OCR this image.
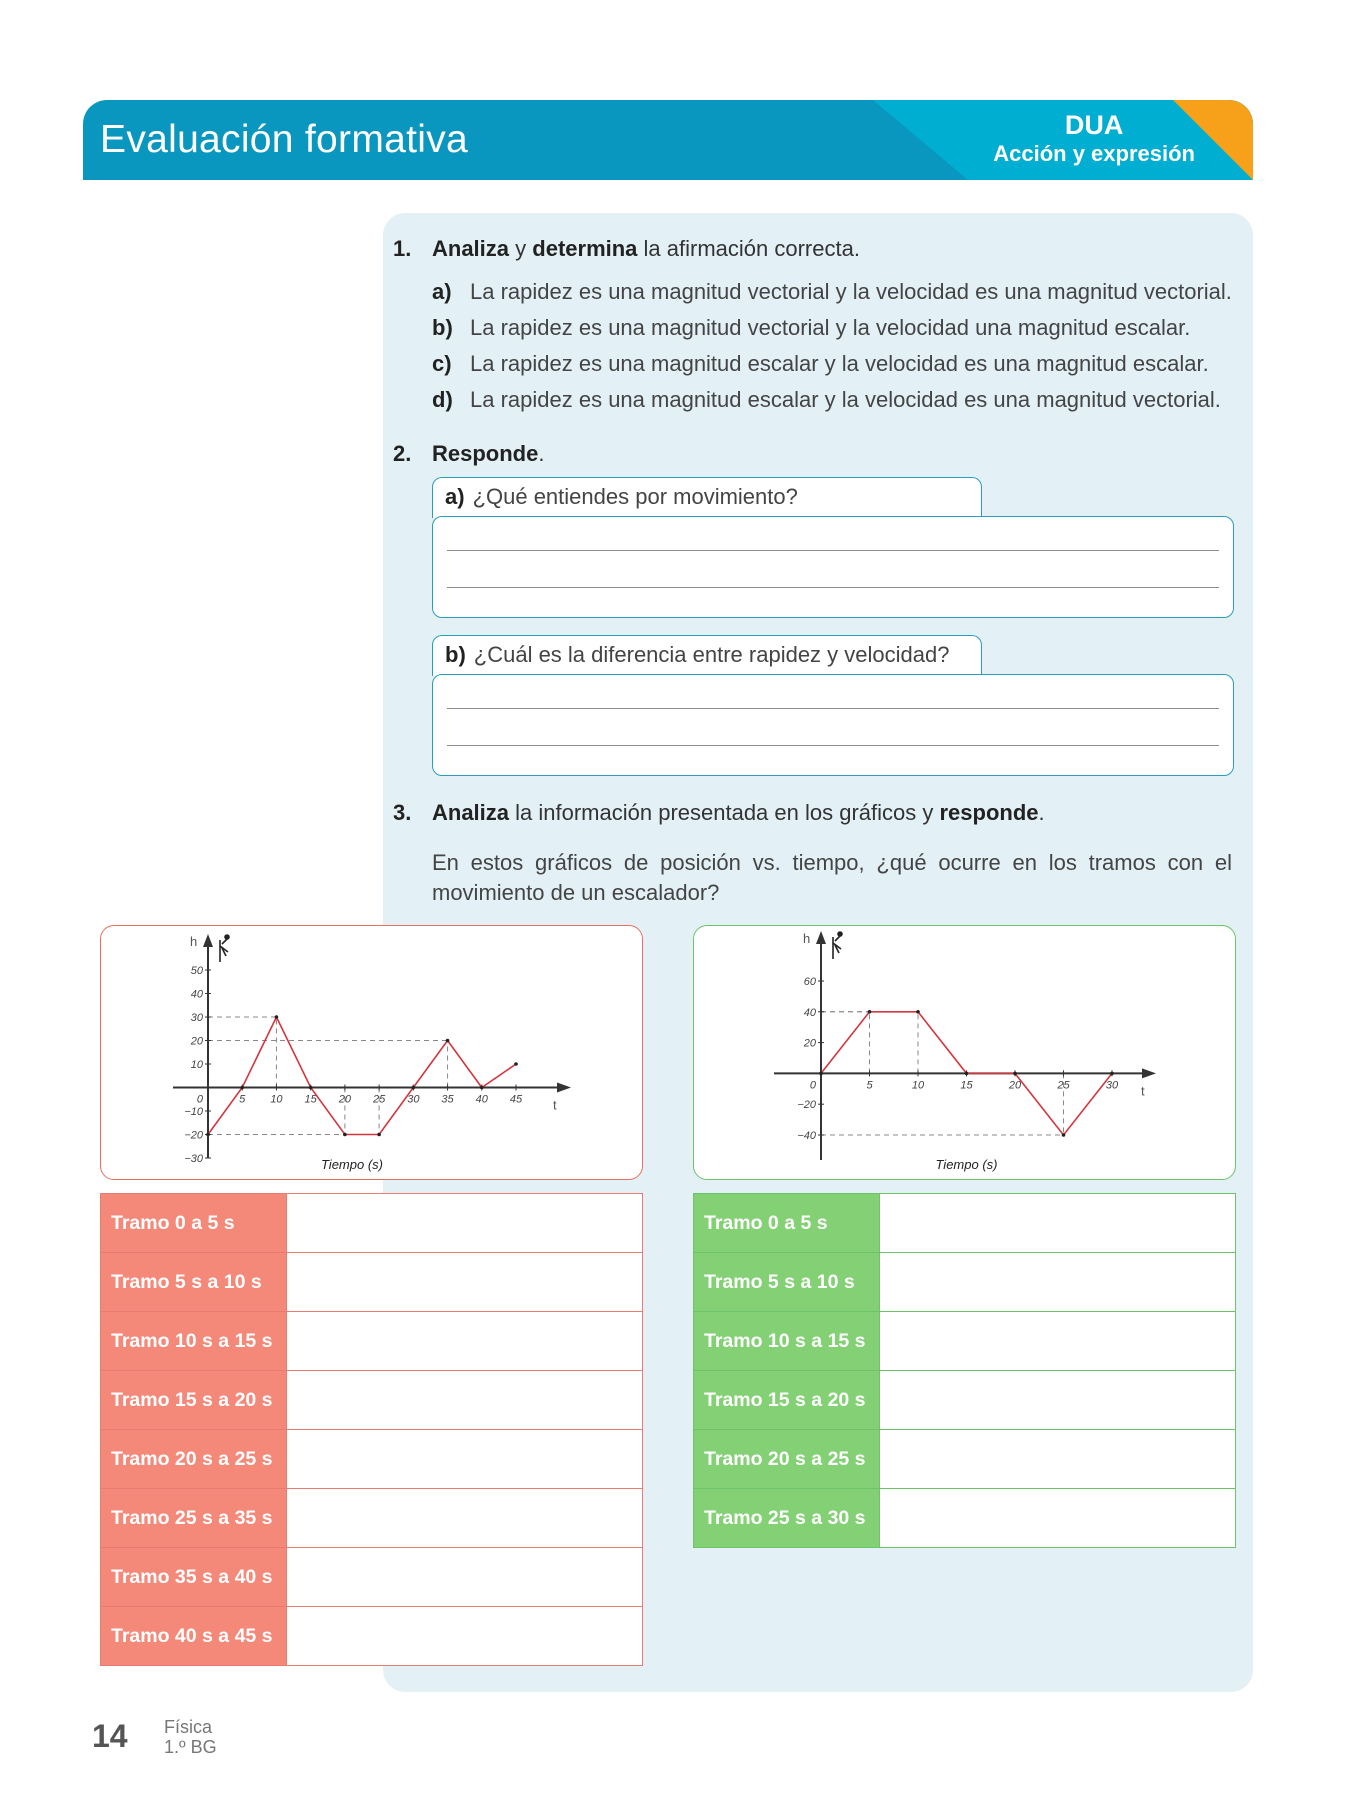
Evaluación formativa	DUA
Acción y expresión
1. Analiza y determina la afirmación correcta.
a) La rapidez es una magnitud vectorial y la velocidad es una magnitud vectorial.
b) La rapidez es una magnitud vectorial y la velocidad una magnitud escalar.
c) La rapidez es una magnitud escalar y la velocidad es una magnitud escalar.
d) La rapidez es una magnitud escalar y la velocidad es una magnitud vectorial.
2. Responde.
a) ¿Qué entiendes por movimiento?
b) ¿Cuál es la diferencia entre rapidez y velocidad?
3. Analiza la información presentada en los gráficos y responde.
En estos gráficos de posición vs. tiempo, ¿qué ocurre en los tramos con el movimiento de un escalador?
h
50
40
30
20
10
−10
−20
−30
0	5 10 15 20 25 30 35 40 45 t
Tiempo (s)
h
60
40
20
−20
−40
0	5	10	15	20	25	30 t
Tiempo (s)
Tramo 0 a 5 s	
Tramo 5 s a 10 s	
Tramo 10 s a 15 s	
Tramo 15 s a 20 s	
Tramo 20 s a 25 s	
Tramo 25 s a 35 s	
Tramo 35 s a 40 s	
Tramo 40 s a 45 s	
Tramo 0 a 5 s	
Tramo 5 s a 10 s	
Tramo 10 s a 15 s	
Tramo 15 s a 20 s	
Tramo 20 s a 25 s	
Tramo 25 s a 30 s	
14 Física
1.º BG
